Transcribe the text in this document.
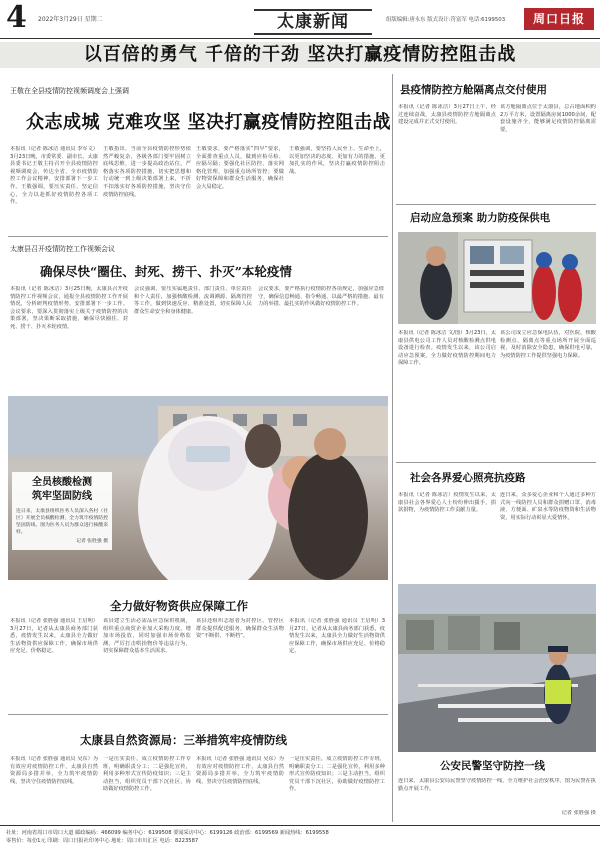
4 2022年3月29日 星期二	太康新闻	组版编辑:唐永东 版式设计:符富军 电话:6199503	周口日报
以百倍的勇气 千倍的干劲 坚决打赢疫情防控阻击战
王敬在全县疫情防控视频调度会上强调
众志成城 克难攻坚 坚决打赢疫情防控阻击战
本报讯（记者 陈冰洁 通讯员 李军文）3月23日晚，市委常委、副市长、太康县委书记王敬主持召开全县疫情防控视频调度会，传达全省、全市疫情防控工作会议精神，安排部署下一步工作。王敬强调，要压实责任，坚定信心，全力以赴抓好疫情防控各项工作。
王敬指出，当前全县疫情防控形势依然严峻复杂，各级各部门要牢固树立底线思维，进一步提高政治站位，严格落实各项防控措施，切实把思想和行动统一到上级决策部署上来，不折不扣落实好各项防控措施，坚决守住疫情防控底线。
王敬要求，要严格落实“四早”要求，全面排查重点人员，做到应检尽检、应隔尽隔；要强化社区防控，落实网格化管理，加强重点场所管控；要做好物资保障和群众生活服务，确保社会大局稳定。
王敬强调，要坚持人民至上、生命至上，以更加坚决的态度、更加有力的措施、更加扎实的作风，坚决打赢疫情防控阻击战。
太康县召开疫情防控工作视频会议
确保尽快“圈住、封死、捞干、扑灭”本轮疫情
本报讯（记者 陈冰洁）3月25日晚，太康县召开疫情防控工作视频会议，通报全县疫情防控工作开展情况，分析研判疫情形势，安排部署下一步工作。会议要求，要深入贯彻落实上级关于疫情防控的决策部署，坚决果断采取措施，确保尽快圈住、封死、捞干、扑灭本轮疫情。
会议强调，要压实属地责任、部门责任、单位责任和个人责任，加强核酸检测、流调溯源、隔离管控等工作，做到快速反应、精准处置，切实保障人民群众生命安全和身体健康。
会议要求，要严格执行疫情防控各项规定，加强应急值守，确保信息畅通、指令畅通，以最严格的措施、最有力的举措、最扎实的作风做好疫情防控工作。
全员核酸检测
筑牢坚固防线
连日来，太康县组织医务人员深入各村（社区）开展全员核酸检测，全力筑牢疫情防控坚固防线。图为医务人员为群众进行核酸采样。
记者 张胜强 摄
全力做好物资供应保障工作
本报讯（记者 张胜强 通讯员 王启明）3月27日，记者从太康县商务部门获悉，疫情发生以来，太康县全力做好生活物资供应保障工作，确保市场供应充足、价格稳定。
该县建立生活必需品应急保供机制，组织重点商贸企业加大采购力度，增加市场投放，同时加强市场价格监测，严厉打击哄抬物价等违法行为，切实保障群众基本生活需求。
该县还组织志愿者为封控区、管控区群众提供配送服务，确保群众生活物资“不断供、不断档”。
本报讯（记者 张胜强 通讯员 王启明）3月27日，记者从太康县商务部门获悉，疫情发生以来，太康县全力做好生活物资供应保障工作，确保市场供应充足、价格稳定。
太康县自然资源局：三举措筑牢疫情防线
本报讯（记者 张胜强 通讯员 吴东）为有效应对疫情防控工作，太康县自然资源局多措并举，全力筑牢疫情防线，坚决守住疫情防控底线。
一是压实责任，成立疫情防控工作专班，明确职责分工；二是强化宣传，利用多种形式宣传防疫知识；三是主动担当，组织党员干部下沉社区，协助做好疫情防控工作。
本报讯（记者 张胜强 通讯员 吴东）为有效应对疫情防控工作，太康县自然资源局多措并举，全力筑牢疫情防线，坚决守住疫情防控底线。
一是压实责任，成立疫情防控工作专班，明确职责分工；二是强化宣传，利用多种形式宣传防疫知识；三是主动担当，组织党员干部下沉社区，协助做好疫情防控工作。
县疫情防控方舱隔离点交付使用
本报讯（记者 陈冰洁）3月27日上午，经过连续奋战，太康县疫情防控方舱隔离点建设完成并正式交付使用。
该方舱隔离点位于太康县，总占地面积约2万平方米，设置隔离房间1000余间，配套设施齐全，能够满足疫情防控隔离需要。
启动应急预案 助力防疫保供电
本报讯（记者 陈冰洁 文/图）3月23日，太康县供电公司工作人员对核酸检测点供电设备进行检查。疫情发生以来，该公司启动应急预案，全力做好疫情防控期间电力保障工作。
该公司成立应急保电队伍，对医院、核酸检测点、隔离点等重点场所开展全面巡视，及时消除安全隐患，确保供电可靠，为疫情防控工作提供坚强电力保障。
社会各界爱心照亮抗疫路
本报讯（记者 陈冰洁）疫情发生以来，太康县社会各界爱心人士纷纷伸出援手，捐款捐物，为疫情防控工作贡献力量。
连日来，众多爱心企业和个人通过多种方式向一线防控人员和群众捐赠口罩、消毒液、方便面、矿泉水等防疫物资和生活物资，用实际行动彰显大爱情怀。
公安民警坚守防控一线
连日来，太康县公安局民警坚守疫情防控一线，全力维护社会治安秩序。图为民警在执勤点开展工作。
记者 张胜强 摄
社址：河南省周口市周口大道 邮政编码：466099 编务中心：6199508 要闻采访中心：6199126 政治部：6199569 新闻热线：6199558
零售价：每份1元 印刷：周口日报社印务中心 地址：周口市川汇区 电话：8223587
